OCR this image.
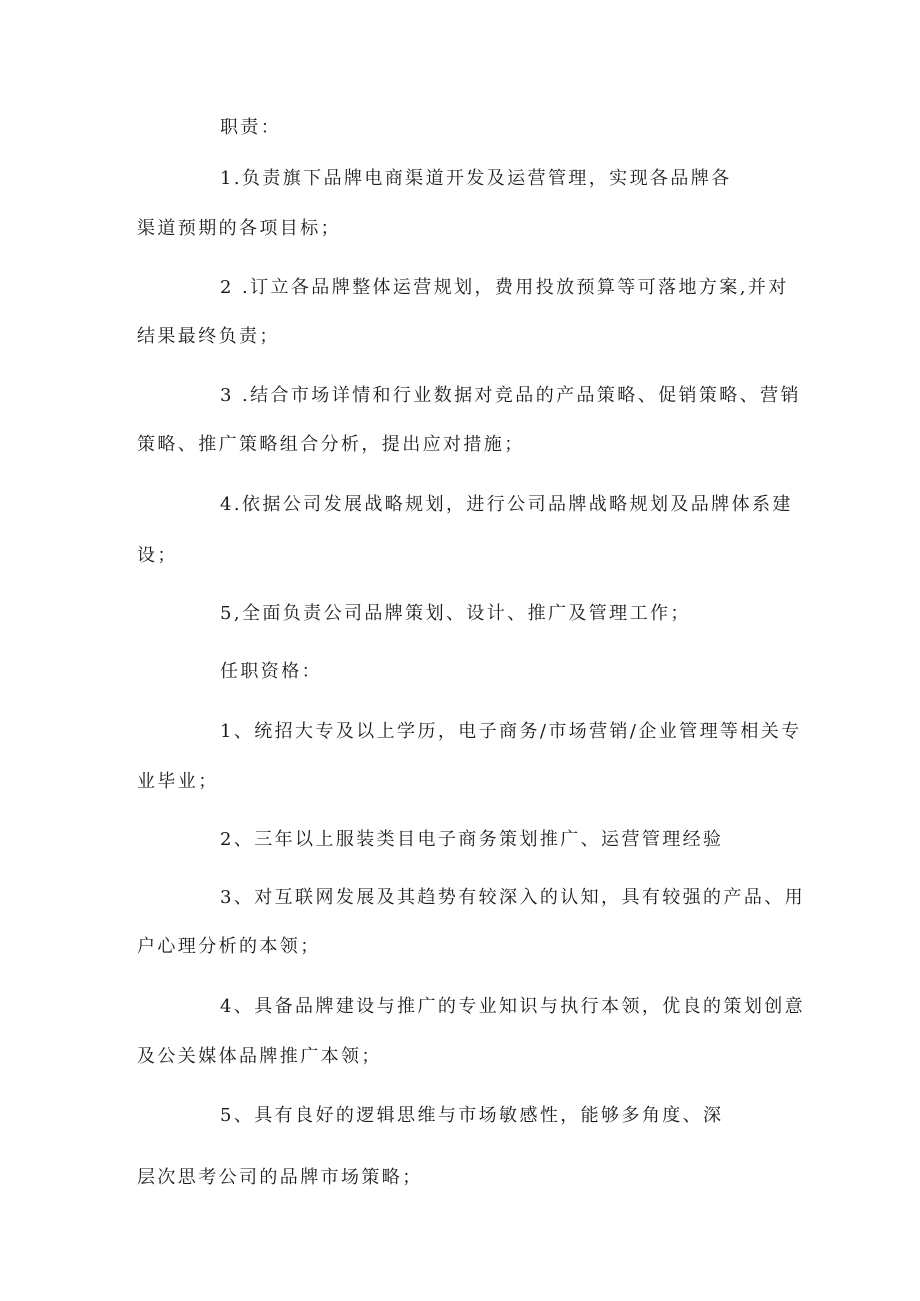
职责：
1.负责旗下品牌电商渠道开发及运营管理，实现各品牌各
渠道预期的各项目标；
2 .订立各品牌整体运营规划，费用投放预算等可落地方案,并对
结果最终负责；
3 .结合市场详情和行业数据对竞品的产品策略、促销策略、营销
策略、推广策略组合分析，提出应对措施；
4.依据公司发展战略规划，进行公司品牌战略规划及品牌体系建
设；
5,全面负责公司品牌策划、设计、推广及管理工作；
任职资格：
1、统招大专及以上学历，电子商务/市场营销/企业管理等相关专
业毕业；
2、三年以上服装类目电子商务策划推广、运营管理经验
3、对互联网发展及其趋势有较深入的认知，具有较强的产品、用
户心理分析的本领；
4、具备品牌建设与推广的专业知识与执行本领，优良的策划创意
及公关媒体品牌推广本领；
5、具有良好的逻辑思维与市场敏感性，能够多角度、深
层次思考公司的品牌市场策略；
